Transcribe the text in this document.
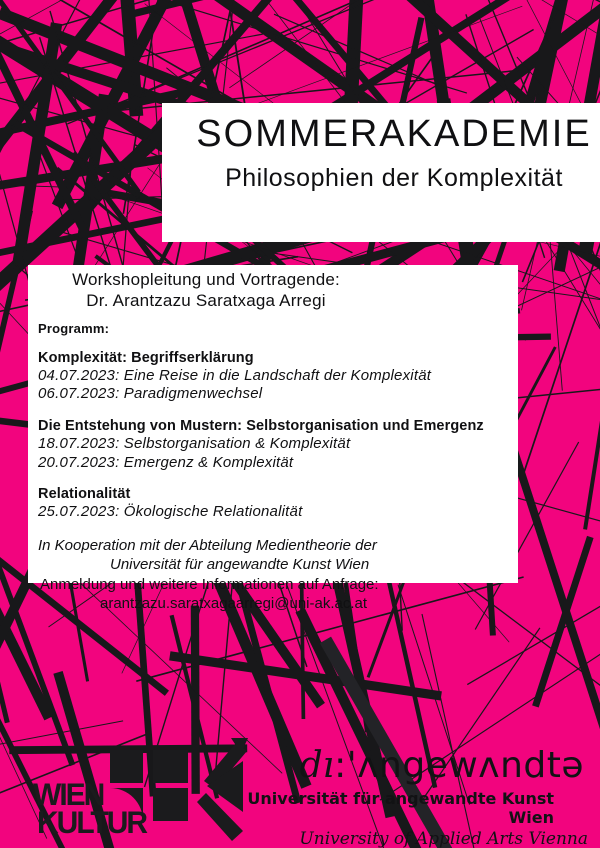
SOMMERAKADEMIE
Philosophien der Komplexität
Workshopleitung und Vortragende:
Dr. Arantzazu Saratxaga Arregi
Programm:
Komplexität: Begriffserklärung
04.07.2023: Eine Reise in die Landschaft der Komplexität
06.07.2023: Paradigmenwechsel
Die Entstehung von Mustern: Selbstorganisation und Emergenz
18.07.2023: Selbstorganisation & Komplexität
20.07.2023: Emergenz & Komplexität
Relationalität
25.07.2023: Ökologische Relationalität
In Kooperation mit der Abteilung Medientheorie der
Universität für angewandte Kunst Wien
Anmeldung und weitere Informationen auf Anfrage:
arantzazu.saratxagaarregi@uni-ak.ac.at
WIEN
KULTUR
dı:'ʌngewʌndtə
Universität für angewandte Kunst Wien
University of Applied Arts Vienna
